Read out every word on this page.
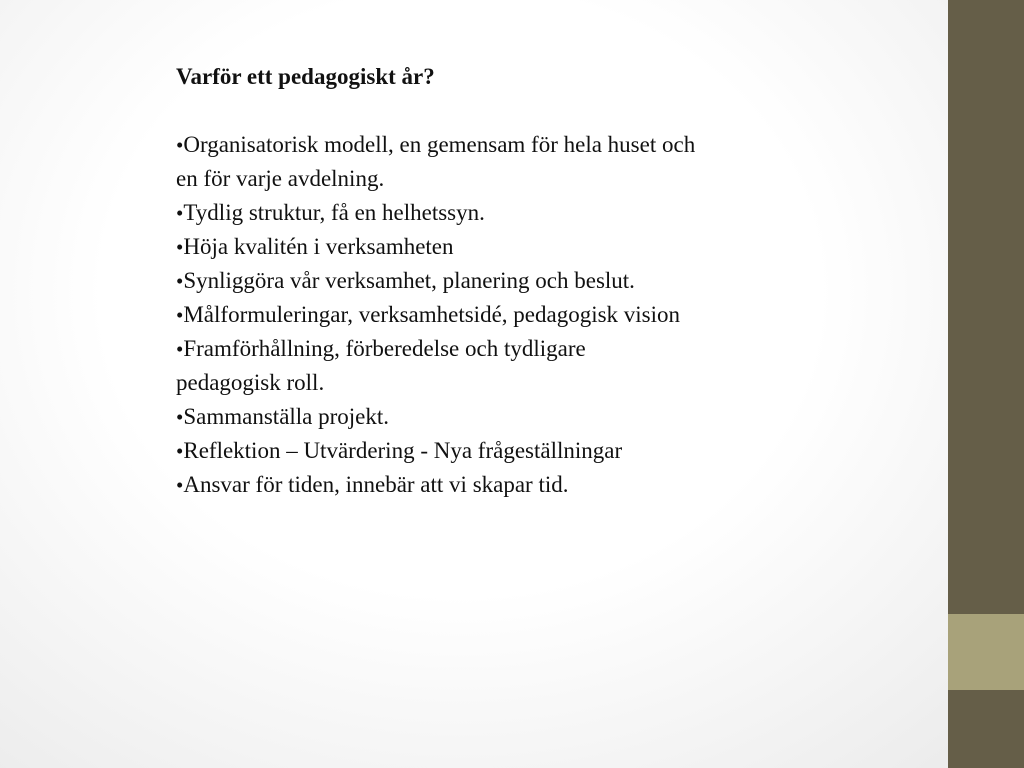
Varför ett pedagogiskt år?
•Organisatorisk modell, en gemensam för hela huset och en för varje avdelning.
•Tydlig struktur, få en helhetssyn.
•Höja kvalitén i verksamheten
•Synliggöra vår verksamhet, planering och beslut.
•Målformuleringar, verksamhetsidé, pedagogisk vision
•Framförhållning, förberedelse och tydligare pedagogisk roll.
•Sammanställa projekt.
•Reflektion – Utvärdering - Nya frågeställningar
•Ansvar för tiden, innebär att vi skapar tid.
